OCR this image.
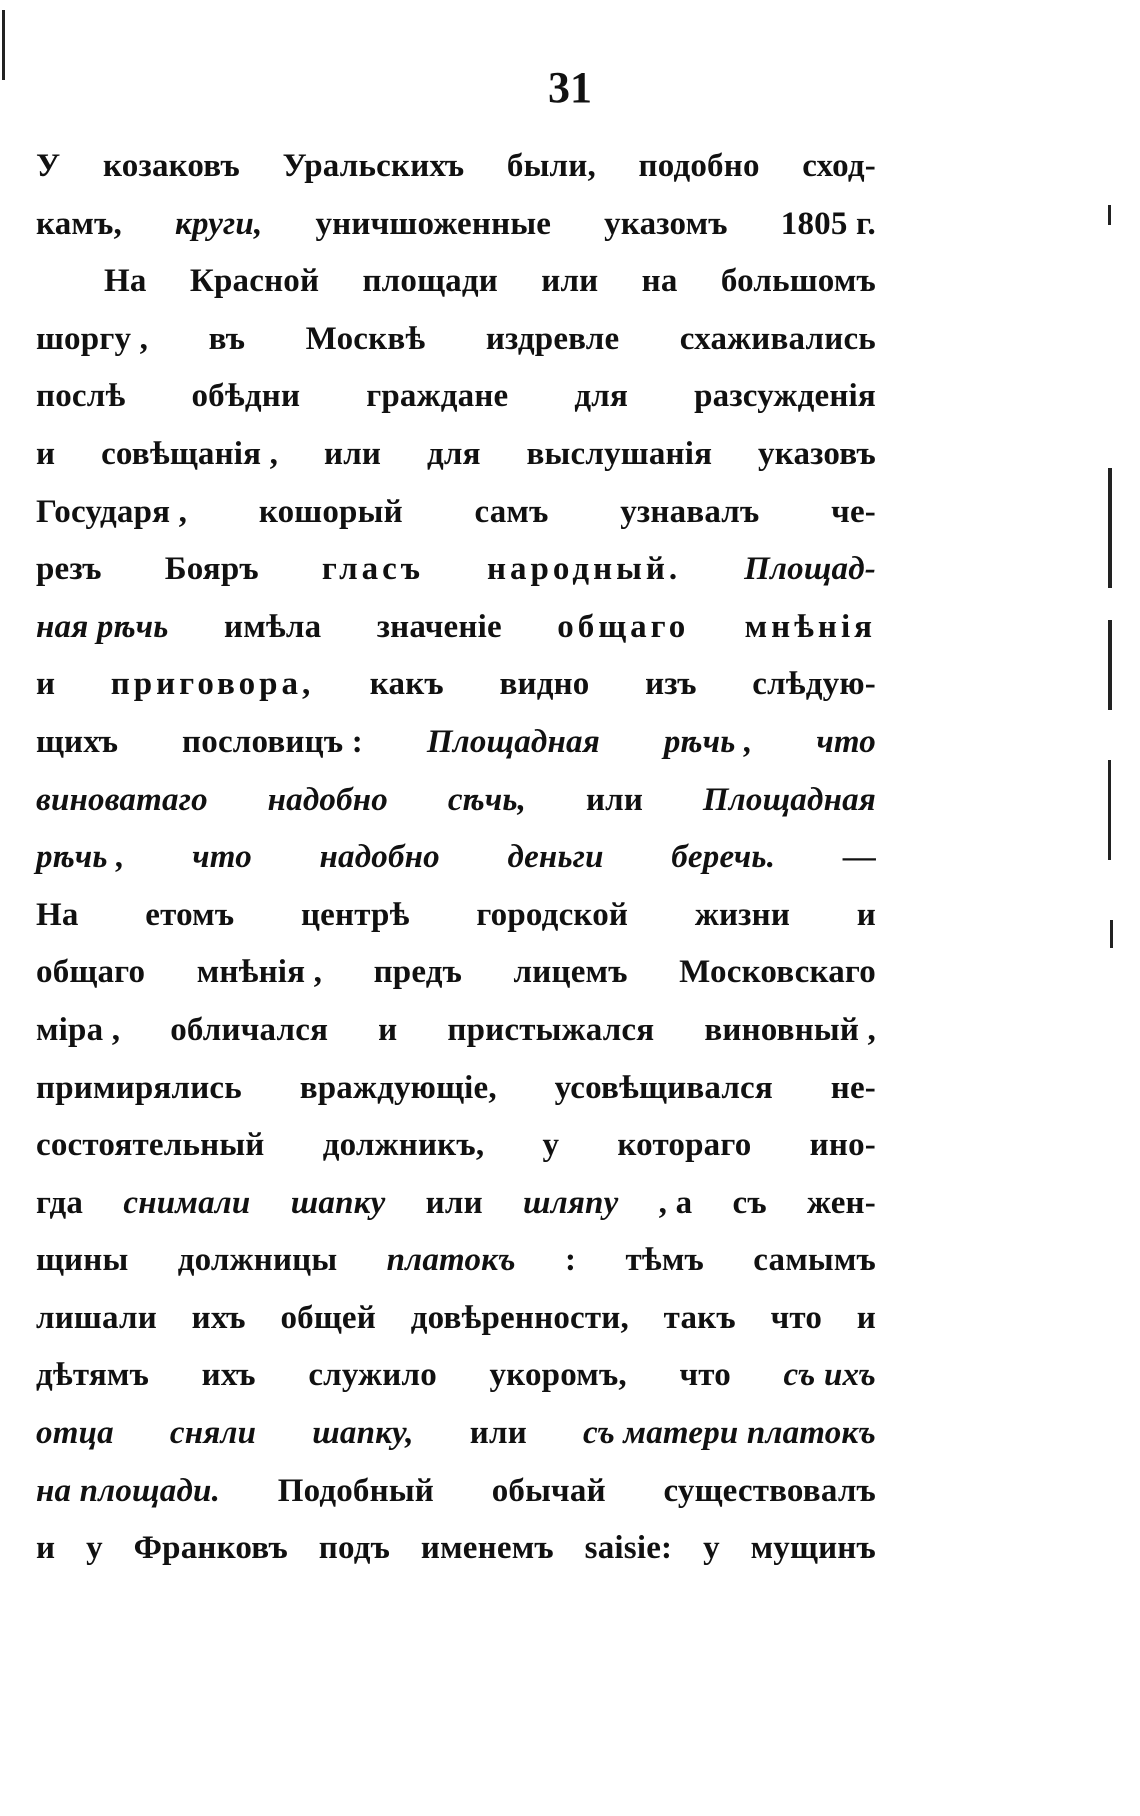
31
У козаковъ Уральскихъ были, подобно сход-
камъ, кругu, уничшоженные указомъ 1805 г.
На Красной площади или на большомъ
шоргу , въ Москвѣ издревле схаживались
послѣ обѣдни граждане для разсужденія
и совѣщанія , или для выслушанія указовъ
Государя , кошорый самъ узнавалъ че-
резъ Бояръ гласъ народный. Площад-
ная рѣчь имѣла значеніе общаго мнѣнія
и приговора, какъ видно изъ слѣдую-
щихъ пословицъ : Площадная рѣчь , что
виноватаго надобно сѣчь, или Площадная
рѣчь , что надобно деньги беречь. —
На етомъ центрѣ городской жизни и
общаго мнѣнія , предъ лицемъ Московскаго
міра , обличался и пристыжался виновный ,
примирялись враждующіе, усовѣщивался не-
состоятельный должникъ, у котораго ино-
гда снимали шапку или шляпу , а съ жен-
щины должницы платокъ : тѣмъ самымъ
лишали ихъ общей довѣренности, такъ что и
дѣтямъ ихъ служило укоромъ, что съ ихъ
отца сняли шапку, или съ матери платокъ
на площади. Подобный обычай существовалъ
и у Франковъ подъ именемъ saisie: у мущинъ
